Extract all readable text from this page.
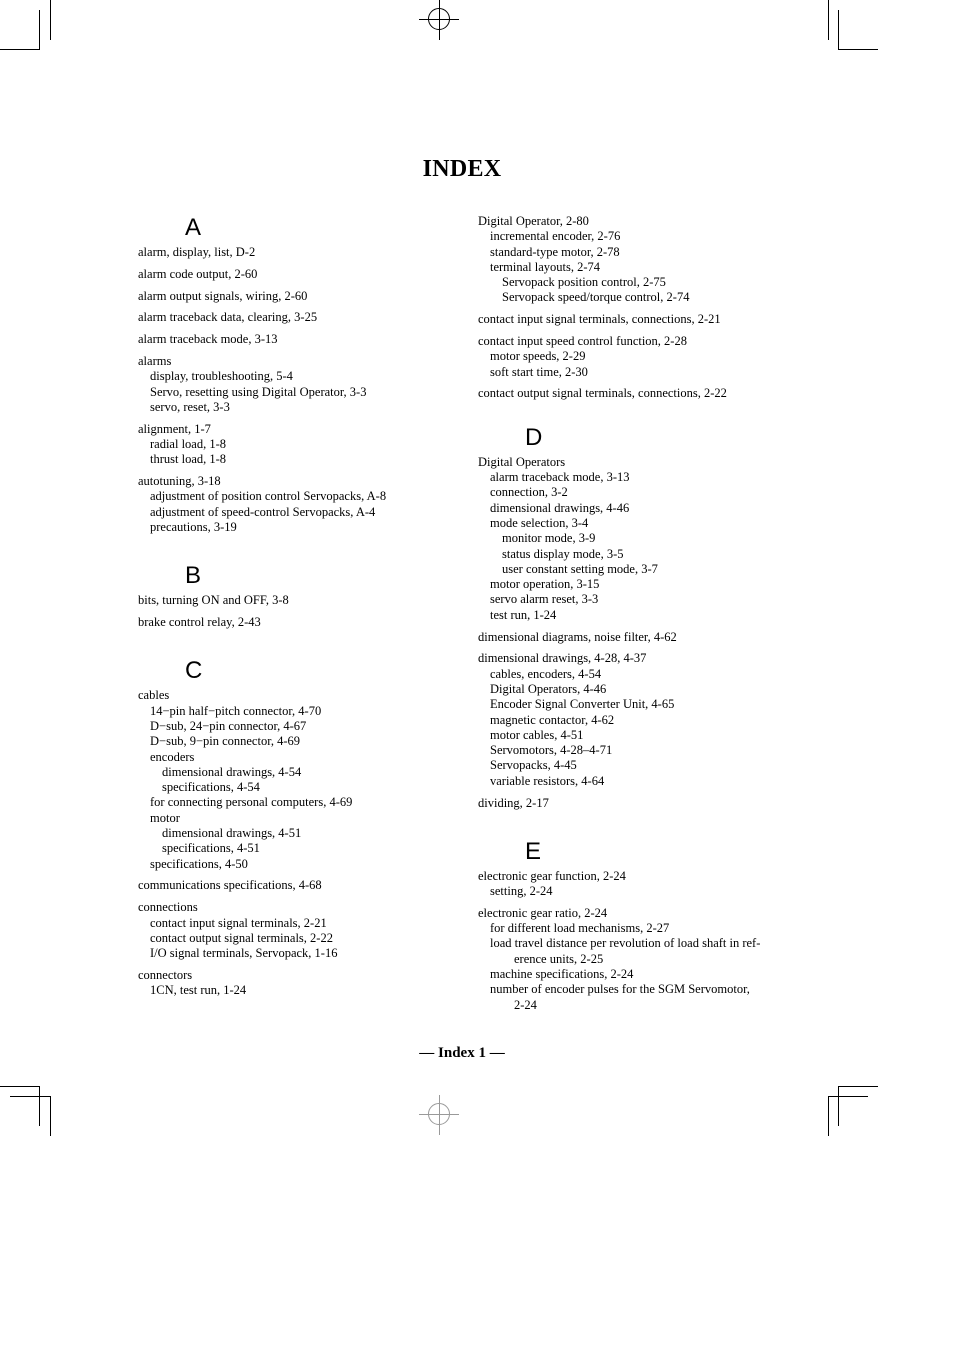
INDEX
A
alarm, display, list, D-2
alarm code output, 2-60
alarm output signals, wiring, 2-60
alarm traceback data, clearing, 3-25
alarm traceback mode, 3-13
alarms
display, troubleshooting, 5-4
Servo, resetting using Digital Operator, 3-3
servo, reset, 3-3
alignment, 1-7
radial load, 1-8
thrust load, 1-8
autotuning, 3-18
adjustment of position control Servopacks, A-8
adjustment of speed-control Servopacks, A-4
precautions, 3-19
B
bits, turning ON and OFF, 3-8
brake control relay, 2-43
C
cables
14−pin half−pitch connector, 4-70
D−sub, 24−pin connector, 4-67
D−sub, 9−pin connector, 4-69
encoders
dimensional drawings, 4-54
specifications, 4-54
for connecting personal computers, 4-69
motor
dimensional drawings, 4-51
specifications, 4-51
specifications, 4-50
communications specifications, 4-68
connections
contact input signal terminals, 2-21
contact output signal terminals, 2-22
I/O signal terminals, Servopack, 1-16
connectors
1CN, test run, 1-24
Digital Operator, 2-80
incremental encoder, 2-76
standard-type motor, 2-78
terminal layouts, 2-74
Servopack position control, 2-75
Servopack speed/torque control, 2-74
contact input signal terminals, connections, 2-21
contact input speed control function, 2-28
motor speeds, 2-29
soft start time, 2-30
contact output signal terminals, connections, 2-22
D
Digital Operators
alarm traceback mode, 3-13
connection, 3-2
dimensional drawings, 4-46
mode selection, 3-4
monitor mode, 3-9
status display mode, 3-5
user constant setting mode, 3-7
motor operation, 3-15
servo alarm reset, 3-3
test run, 1-24
dimensional diagrams, noise filter, 4-62
dimensional drawings, 4-28, 4-37
cables, encoders, 4-54
Digital Operators, 4-46
Encoder Signal Converter Unit, 4-65
magnetic contactor, 4-62
motor cables, 4-51
Servomotors, 4-28–4-71
Servopacks, 4-45
variable resistors, 4-64
dividing, 2-17
E
electronic gear function, 2-24
setting, 2-24
electronic gear ratio, 2-24
for different load mechanisms, 2-27
load travel distance per revolution of load shaft in ref-
erence units, 2-25
machine specifications, 2-24
number of encoder pulses for the SGM Servomotor,
2-24
— Index 1 —
